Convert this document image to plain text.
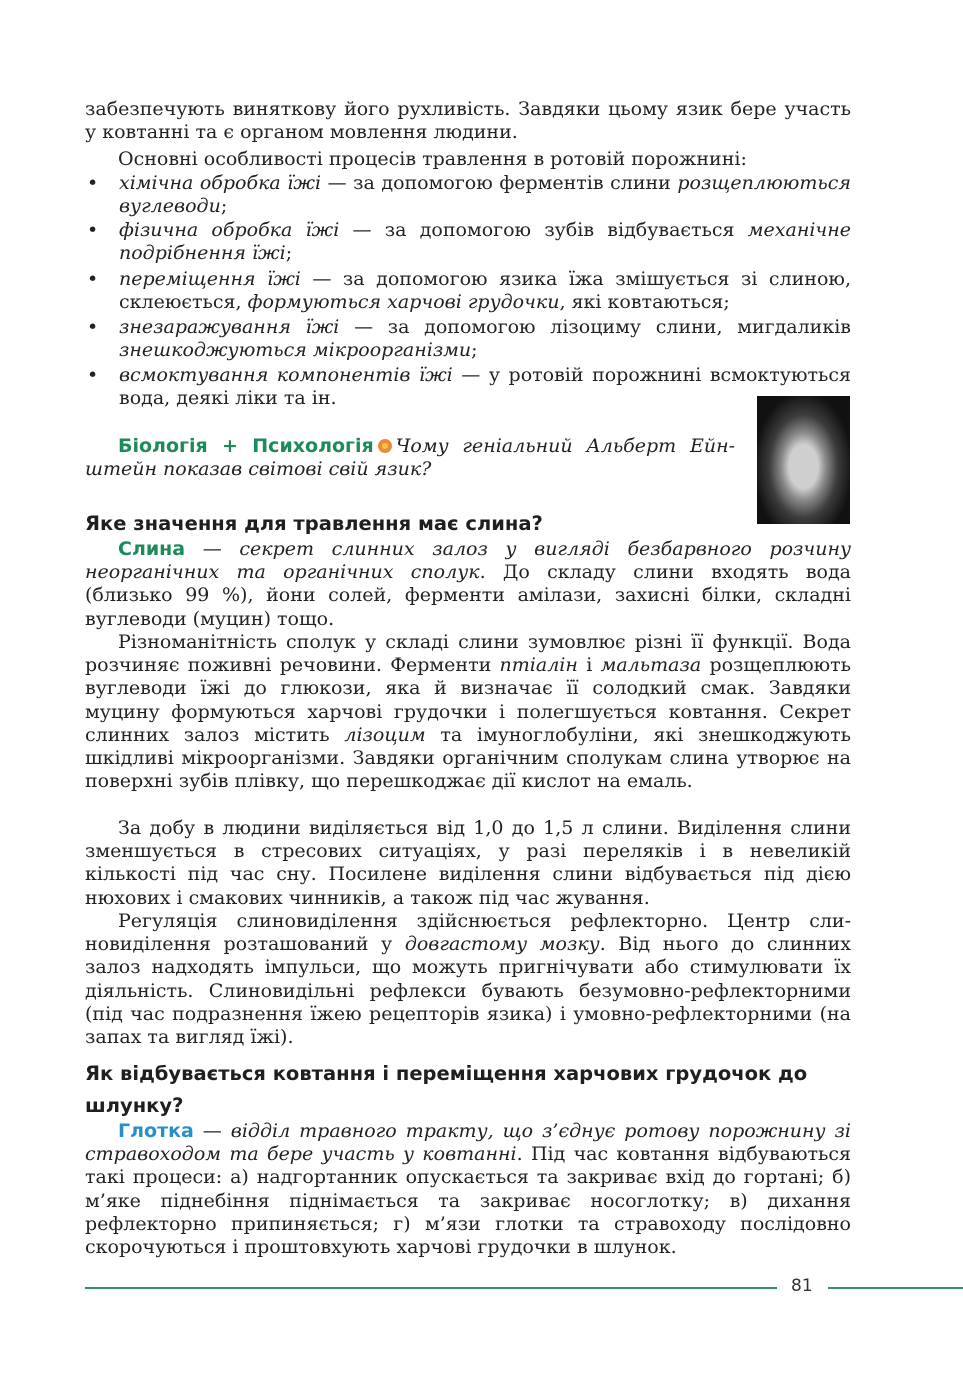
забезпечують виняткову його рухливість. Завдяки цьому язик бере участь у ковтанні та є органом мовлення людини.

Основні особливості процесів травлення в ротовій порожнині:

• хімічна обробка їжі — за допомогою ферментів слини розщеплюються вуглеводи;
• фізична обробка їжі — за допомогою зубів відбувається механічне подрібнення їжі;
• переміщення їжі — за допомогою язика їжа змішується зі слиною, склеюється, формуються харчові грудочки, які ковтаються;
• знезаражування їжі — за допомогою лізоциму слини, мигдаликів знешкоджуються мікроорганізми;
• всмоктування компонентів їжі — у ротовій порожнині всмоктуються вода, деякі ліки та ін.

Біологія + Психологія Чому геніальний Альберт Ейнштейн показав світові свій язик?

Яке значення для травлення має слина?

Слина — секрет слинних залоз у вигляді безбарвного розчину неорганічних та органічних сполук. До складу слини входять вода (близько 99 %), йони солей, ферменти амілази, захисні білки, складні вуглеводи (муцин) тощо.

Різноманітність сполук у складі слини зумовлює різні її функції. Вода розчиняє поживні речовини. Ферменти птіалін і мальтаза розщеплюють вуглеводи їжі до глюкози, яка й визначає її солодкий смак. Завдяки муцину формуються харчові грудочки і полегшується ковтання. Секрет слинних залоз містить лізоцим та імуноглобуліни, які знешкоджують шкідливі мікроорганізми. Завдяки органічним сполукам слина утворює на поверхні зубів плівку, що перешкоджає дії кислот на емаль.

За добу в людини виділяється від 1,0 до 1,5 л слини. Виділення слини зменшується в стресових ситуаціях, у разі переляків і в невеликій кількості під час сну. Посилене виділення слини відбувається під дією нюхових і смакових чинників, а також під час жування.

Регуляція слиновиділення здійснюється рефлекторно. Центр слиновиділення розташований у довгастому мозку. Від нього до слинних залоз надходять імпульси, що можуть пригнічувати або стимулювати їх діяльність. Слиновидільні рефлекси бувають безумовно-рефлекторними (під час подразнення їжею рецепторів язика) і умовно-рефлекторними (на запах та вигляд їжі).

Як відбувається ковтання і переміщення харчових грудочок до шлунку?

Глотка — відділ травного тракту, що з’єднує ротову порожнину зі стравоходом та бере участь у ковтанні. Під час ковтання відбуваються такі процеси: а) надгортанник опускається та закриває вхід до гортані; б) м’яке піднебіння піднімається та закриває носоглотку; в) дихання рефлекторно припиняється; г) м’язи глотки та стравоходу послідовно скорочуються і проштовхують харчові грудочки в шлунок.

81
